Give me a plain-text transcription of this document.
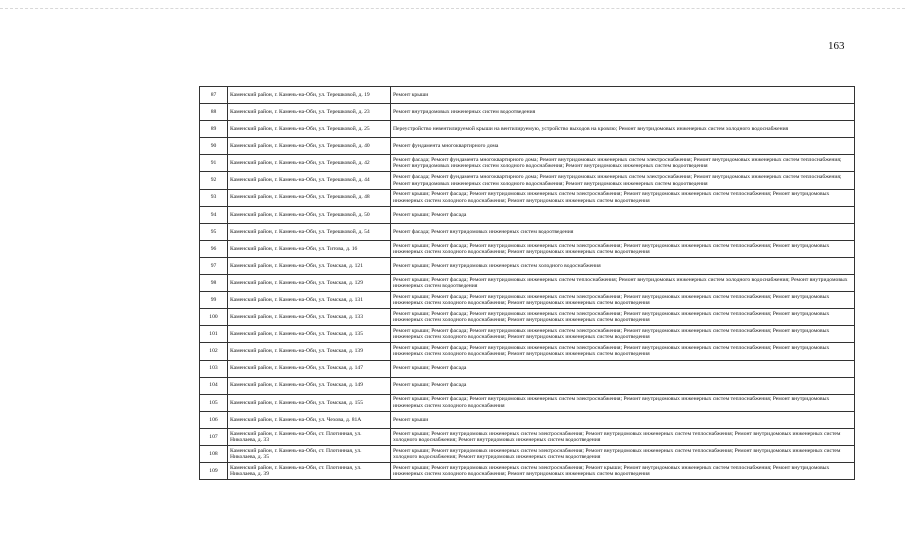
163
87	Каменский район, г. Камень-на-Оби, ул. Терешковой, д. 19	Ремонт крыши
88	Каменский район, г. Камень-на-Оби, ул. Терешковой, д. 23	Ремонт внутридомовых инженерных систем водоотведения
89	Каменский район, г. Камень-на-Оби, ул. Терешковой, д. 25	Переустройство невентилируемой крыши на вентилируемую, устройство выходов на кровлю; Ремонт внутридомовых инженерных систем холодного водоснабжения
90	Каменский район, г. Камень-на-Оби, ул. Терешковой, д. 40	Ремонт фундамента многоквартирного дома
91	Каменский район, г. Камень-на-Оби, ул. Терешковой, д. 42	Ремонт фасада; Ремонт фундамента многоквартирного дома; Ремонт внутридомовых инженерных систем электроснабжения; Ремонт внутридомовых инженерных систем теплоснабжения; Ремонт внутридомовых инженерных систем холодного водоснабжения; Ремонт внутридомовых инженерных систем водоотведения
92	Каменский район, г. Камень-на-Оби, ул. Терешковой, д. 44	Ремонт фасада; Ремонт фундамента многоквартирного дома; Ремонт внутридомовых инженерных систем электроснабжения; Ремонт внутридомовых инженерных систем теплоснабжения; Ремонт внутридомовых инженерных систем холодного водоснабжения; Ремонт внутридомовых инженерных систем водоотведения
93	Каменский район, г. Камень-на-Оби, ул. Терешковой, д. 48	Ремонт крыши; Ремонт фасада; Ремонт внутридомовых инженерных систем электроснабжения; Ремонт внутридомовых инженерных систем теплоснабжения; Ремонт внутридомовых инженерных систем холодного водоснабжения; Ремонт внутридомовых инженерных систем водоотведения
94	Каменский район, г. Камень-на-Оби, ул. Терешковой, д. 50	Ремонт крыши; Ремонт фасада
95	Каменский район, г. Камень-на-Оби, ул. Терешковой, д. 54	Ремонт фасада; Ремонт внутридомовых инженерных систем водоотведения
96	Каменский район, г. Камень-на-Оби, ул. Титова, д. 16	Ремонт крыши; Ремонт фасада; Ремонт внутридомовых инженерных систем электроснабжения; Ремонт внутридомовых инженерных систем теплоснабжения; Ремонт внутридомовых инженерных систем холодного водоснабжения; Ремонт внутридомовых инженерных систем водоотведения
97	Каменский район, г. Камень-на-Оби, ул. Томская, д. 121	Ремонт крыши; Ремонт внутридомовых инженерных систем холодного водоснабжения
98	Каменский район, г. Камень-на-Оби, ул. Томская, д. 129	Ремонт крыши; Ремонт фасада; Ремонт внутридомовых инженерных систем теплоснабжения; Ремонт внутридомовых инженерных систем холодного водоснабжения; Ремонт внутридомовых инженерных систем водоотведения
99	Каменский район, г. Камень-на-Оби, ул. Томская, д. 131	Ремонт крыши; Ремонт фасада; Ремонт внутридомовых инженерных систем электроснабжения; Ремонт внутридомовых инженерных систем теплоснабжения; Ремонт внутридомовых инженерных систем холодного водоснабжения; Ремонт внутридомовых инженерных систем водоотведения
100	Каменский район, г. Камень-на-Оби, ул. Томская, д. 133	Ремонт крыши; Ремонт фасада; Ремонт внутридомовых инженерных систем электроснабжения; Ремонт внутридомовых инженерных систем теплоснабжения; Ремонт внутридомовых инженерных систем холодного водоснабжения; Ремонт внутридомовых инженерных систем водоотведения
101	Каменский район, г. Камень-на-Оби, ул. Томская, д. 135	Ремонт крыши; Ремонт фасада; Ремонт внутридомовых инженерных систем электроснабжения; Ремонт внутридомовых инженерных систем теплоснабжения; Ремонт внутридомовых инженерных систем холодного водоснабжения; Ремонт внутридомовых инженерных систем водоотведения
102	Каменский район, г. Камень-на-Оби, ул. Томская, д. 139	Ремонт крыши; Ремонт фасада; Ремонт внутридомовых инженерных систем электроснабжения; Ремонт внутридомовых инженерных систем теплоснабжения; Ремонт внутридомовых инженерных систем холодного водоснабжения; Ремонт внутридомовых инженерных систем водоотведения
103	Каменский район, г. Камень-на-Оби, ул. Томская, д. 147	Ремонт крыши; Ремонт фасада
104	Каменский район, г. Камень-на-Оби, ул. Томская, д. 149	Ремонт крыши; Ремонт фасада
105	Каменский район, г. Камень-на-Оби, ул. Томская, д. 155	Ремонт крыши; Ремонт фасада; Ремонт внутридомовых инженерных систем электроснабжения; Ремонт внутридомовых инженерных систем теплоснабжения; Ремонт внутридомовых инженерных систем холодного водоснабжения
106	Каменский район, г. Камень-на-Оби, ул. Чехова, д. 81А	Ремонт крыши
107	Каменский район, г. Камень-на-Оби, ст. Плотинная, ул. Николаева, д. 33	Ремонт крыши; Ремонт внутридомовых инженерных систем электроснабжения; Ремонт внутридомовых инженерных систем теплоснабжения; Ремонт внутридомовых инженерных систем холодного водоснабжения; Ремонт внутридомовых инженерных систем водоотведения
108	Каменский район, г. Камень-на-Оби, ст. Плотинная, ул. Николаева, д. 35	Ремонт крыши; Ремонт внутридомовых инженерных систем электроснабжения; Ремонт внутридомовых инженерных систем теплоснабжения; Ремонт внутридомовых инженерных систем холодного водоснабжения; Ремонт внутридомовых инженерных систем водоотведения
109	Каменский район, г. Камень-на-Оби, ст. Плотинная, ул. Николаева, д. 39	Ремонт крыши; Ремонт внутридомовых инженерных систем электроснабжения; Ремонт крыши; Ремонт внутридомовых инженерных систем теплоснабжения; Ремонт внутридомовых инженерных систем холодного водоснабжения; Ремонт внутридомовых инженерных систем водоотведения
